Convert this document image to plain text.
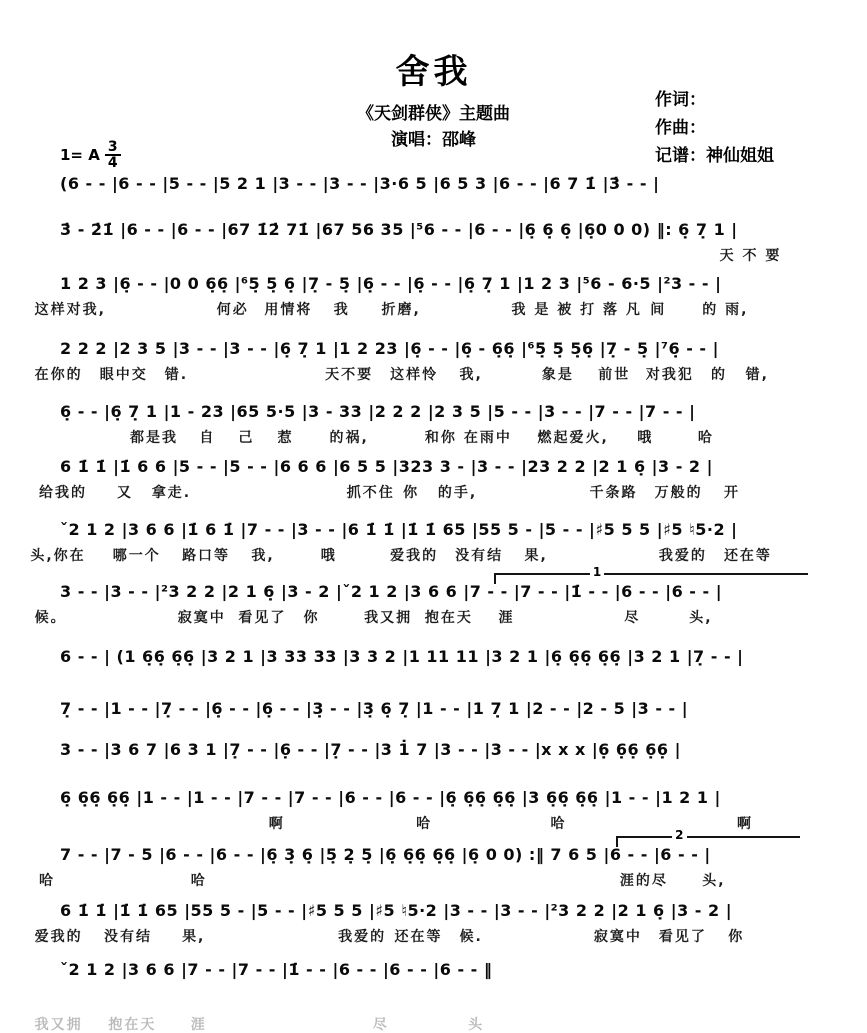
舍我
《天剑群侠》主题曲
演唱：邵峰
作词：
作曲：
记谱：神仙姐姐
1= A $\frac{3}{4}$
(6 - - |6 - - |5 - - |5 2 1 |3 - - |3 - - |3·6 5 |6 5 3 |6 - - |6 7 1̇ |3̇ - - |
3̇ - 2̇1̇ |6 - - |6 - - |67 1̇2̇ 71̇ |67 56 35 |⁵6 - - |6 - - |6̣ 6̣ 6̣ |6̣0 0 0) ‖: 6̣ 7̣ 1 |
天 不 要
1 2 3 |6̣ - - |0 0 6̣6̣ |⁶5̣ 5̣ 6̣ |7̣ - 5̣ |6̣ - - |6̣ - - |6̣ 7̣ 1 |1 2 3 |⁵6 - 6·5 |²3 - - |
这样对我,	何必 用情将 我 折磨,	我 是 被 打 落 凡 间	的 雨,
2 2 2 |2 3 5 |3 - - |3 - - |6̣ 7̣ 1 |1 2 23 |6̣ - - |6̣ - 6̣6̣ |⁶5̣ 5̣ 5̣6̣ |7̣ - 5̣ |⁷6̣ - - |
在你的 眼中交 错.	天不要 这样怜 我,	象是 前世 对我犯 的 错,
6̣ - - |6̣ 7̣ 1 |1 - 23 |65 5·5 |3 - 33 |2 2 2 |2 3 5 |5 - - |3 - - |7 - - |7 - - |
都是我 自 己 惹	的祸,	和你 在雨中 燃起爱火, 哦	哈
6 1̇ 1̇ |1̇ 6 6 |5 - - |5 - - |6 6 6 |6 5 5 |323 3 - |3 - - |23 2 2 |2 1 6̣ |3 - 2 |
给我的 又 拿走.	抓不住 你 的手,	千条路 万般的 开
ˇ2 1 2 |3 6 6 |1̇ 6 1̇ |7 - - |3 - - |6 1̇ 1̇ |1̇ 1̇ 65 |55 5 - |5 - - |♯5 5 5 |♯5 ♮5·2 |
头,你在 哪一个 路口等 我,	哦	爱我的 没有结 果,	我爱的 还在等
1
3 - - |3 - - |²3 2 2 |2 1 6̣ |3 - 2 |ˇ2 1 2 |3 6 6 |7 - - |7 - - |1̇ - - |6 - - |6 - - |
候。	寂寞中 看见了 你	我又拥 抱在天 涯	尽	头,
6 - - | (1 6̣6̣ 6̣6̣ |3 2 1 |3 33 33 |3 3 2 |1 11 11 |3 2 1 |6̣ 6̣6̣ 6̣6̣ |3 2 1 |7̣ - - |
7̣ - - |1 - - |7̣ - - |6̣ - - |6̣ - - |3̣ - - |3̣ 6̣ 7̣ |1 - - |1 7̣ 1 |2 - - |2 - 5 |3 - - |
3 - - |3 6 7 |6 3 1 |7̣ - - |6̣ - - |7̣ - - |3 1̇ 7 |3 - - |3 - - |x x x |6̣ 6̣6̣ 6̣6̣ |
6̣ 6̣6̣ 6̣6̣ |1 - - |1 - - |7 - - |7 - - |6 - - |6 - - |6̣ 6̣6̣ 6̣6̣ |3 6̣6̣ 6̣6̣ |1 - - |1 2 1 |
啊	哈	哈	啊
2
7 - - |7 - 5 |6 - - |6 - - |6̣ 3̣ 6̣ |5̣ 2̣ 5̣ |6̣ 6̣6̣ 6̣6̣ |6̣ 0 0) :‖ 7 6 5 |6 - - |6 - - |
哈	哈	涯的尽 头,
6 1̇ 1̇ |1̇ 1̇ 65 |55 5 - |5 - - |♯5 5 5 |♯5 ♮5·2 |3 - - |3 - - |²3 2 2 |2 1 6̣ |3 - 2 |
爱我的 没有结 果,	我爱的 还在等 候.	寂寞中 看见了 你
ˇ2 1 2 |3 6 6 |7 - - |7 - - |1̇ - - |6 - - |6 - - |6 - - ‖
我又拥 抱在天 涯	尽	头
